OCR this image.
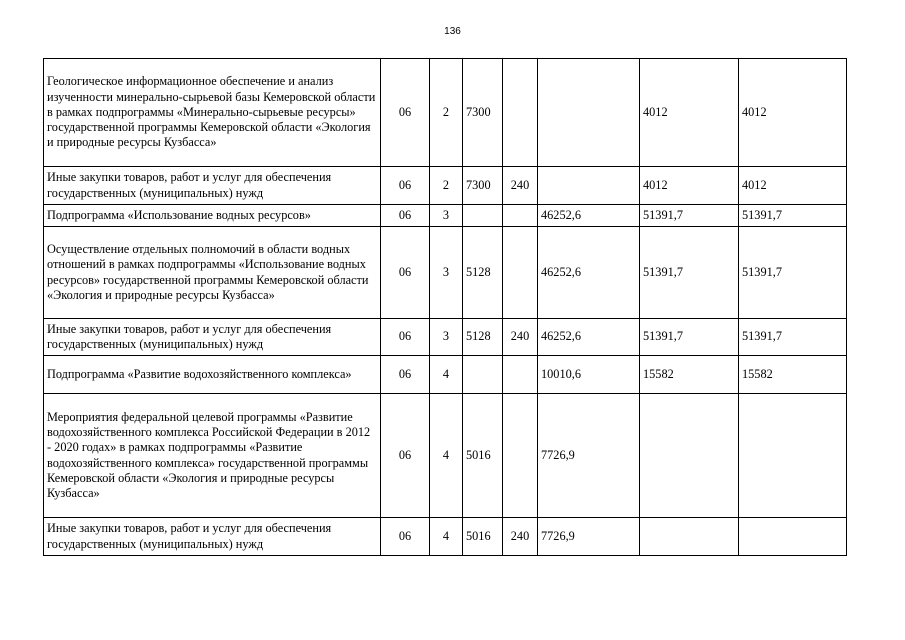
136
Геологическое информационное обеспечение и анализ изученности минерально-сырьевой базы Кемеровской области в рамках подпрограммы «Минерально-сырьевые ресурсы» государственной программы Кемеровской области «Экология и природные ресурсы Кузбасса»	06	2	7300			4012	4012
Иные закупки товаров, работ и услуг для обеспечения государственных (муниципальных) нужд	06	2	7300	240		4012	4012
Подпрограмма «Использование водных ресурсов»	06	3			46252,6	51391,7	51391,7
Осуществление отдельных полномочий в области водных отношений в рамках подпрограммы «Использование водных ресурсов» государственной программы Кемеровской области «Экология и природные ресурсы Кузбасса»	06	3	5128		46252,6	51391,7	51391,7
Иные закупки товаров, работ и услуг для обеспечения государственных (муниципальных) нужд	06	3	5128	240	46252,6	51391,7	51391,7
Подпрограмма «Развитие водохозяйственного комплекса»	06	4			10010,6	15582	15582
Мероприятия федеральной целевой программы «Развитие водохозяйственного комплекса Российской Федерации в 2012 - 2020 годах» в рамках подпрограммы «Развитие водохозяйственного комплекса» государственной программы Кемеровской области «Экология и природные ресурсы Кузбасса»	06	4	5016		7726,9		
Иные закупки товаров, работ и услуг для обеспечения государственных (муниципальных) нужд	06	4	5016	240	7726,9		
